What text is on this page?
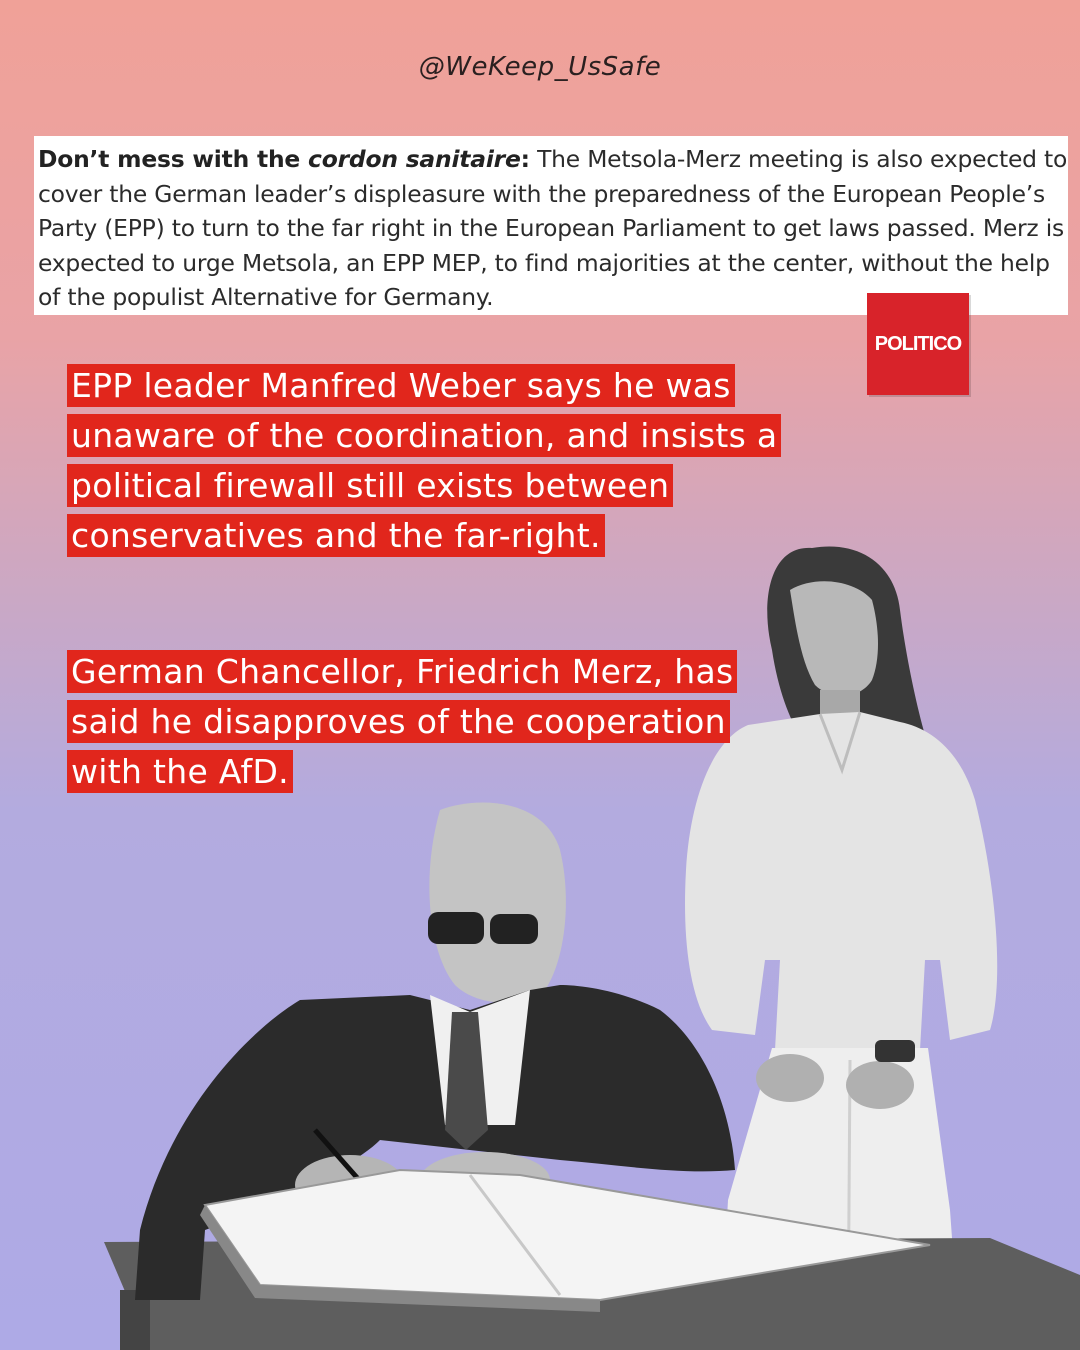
@WeKeep_UsSafe
Don’t mess with the cordon sanitaire: The Metsola-Merz meeting is also expected to cover the German leader’s displeasure with the preparedness of the European People’s Party (EPP) to turn to the far right in the European Parliament to get laws passed. Merz is expected to urge Metsola, an EPP MEP, to find majorities at the center, without the help of the populist Alternative for Germany.
POLITICO

EPP leader Manfred Weber says he was unaware of the coordination, and insists a political firewall still exists between conservatives and the far-right.

German Chancellor, Friedrich Merz, has said he disapproves of the cooperation with the AfD.
